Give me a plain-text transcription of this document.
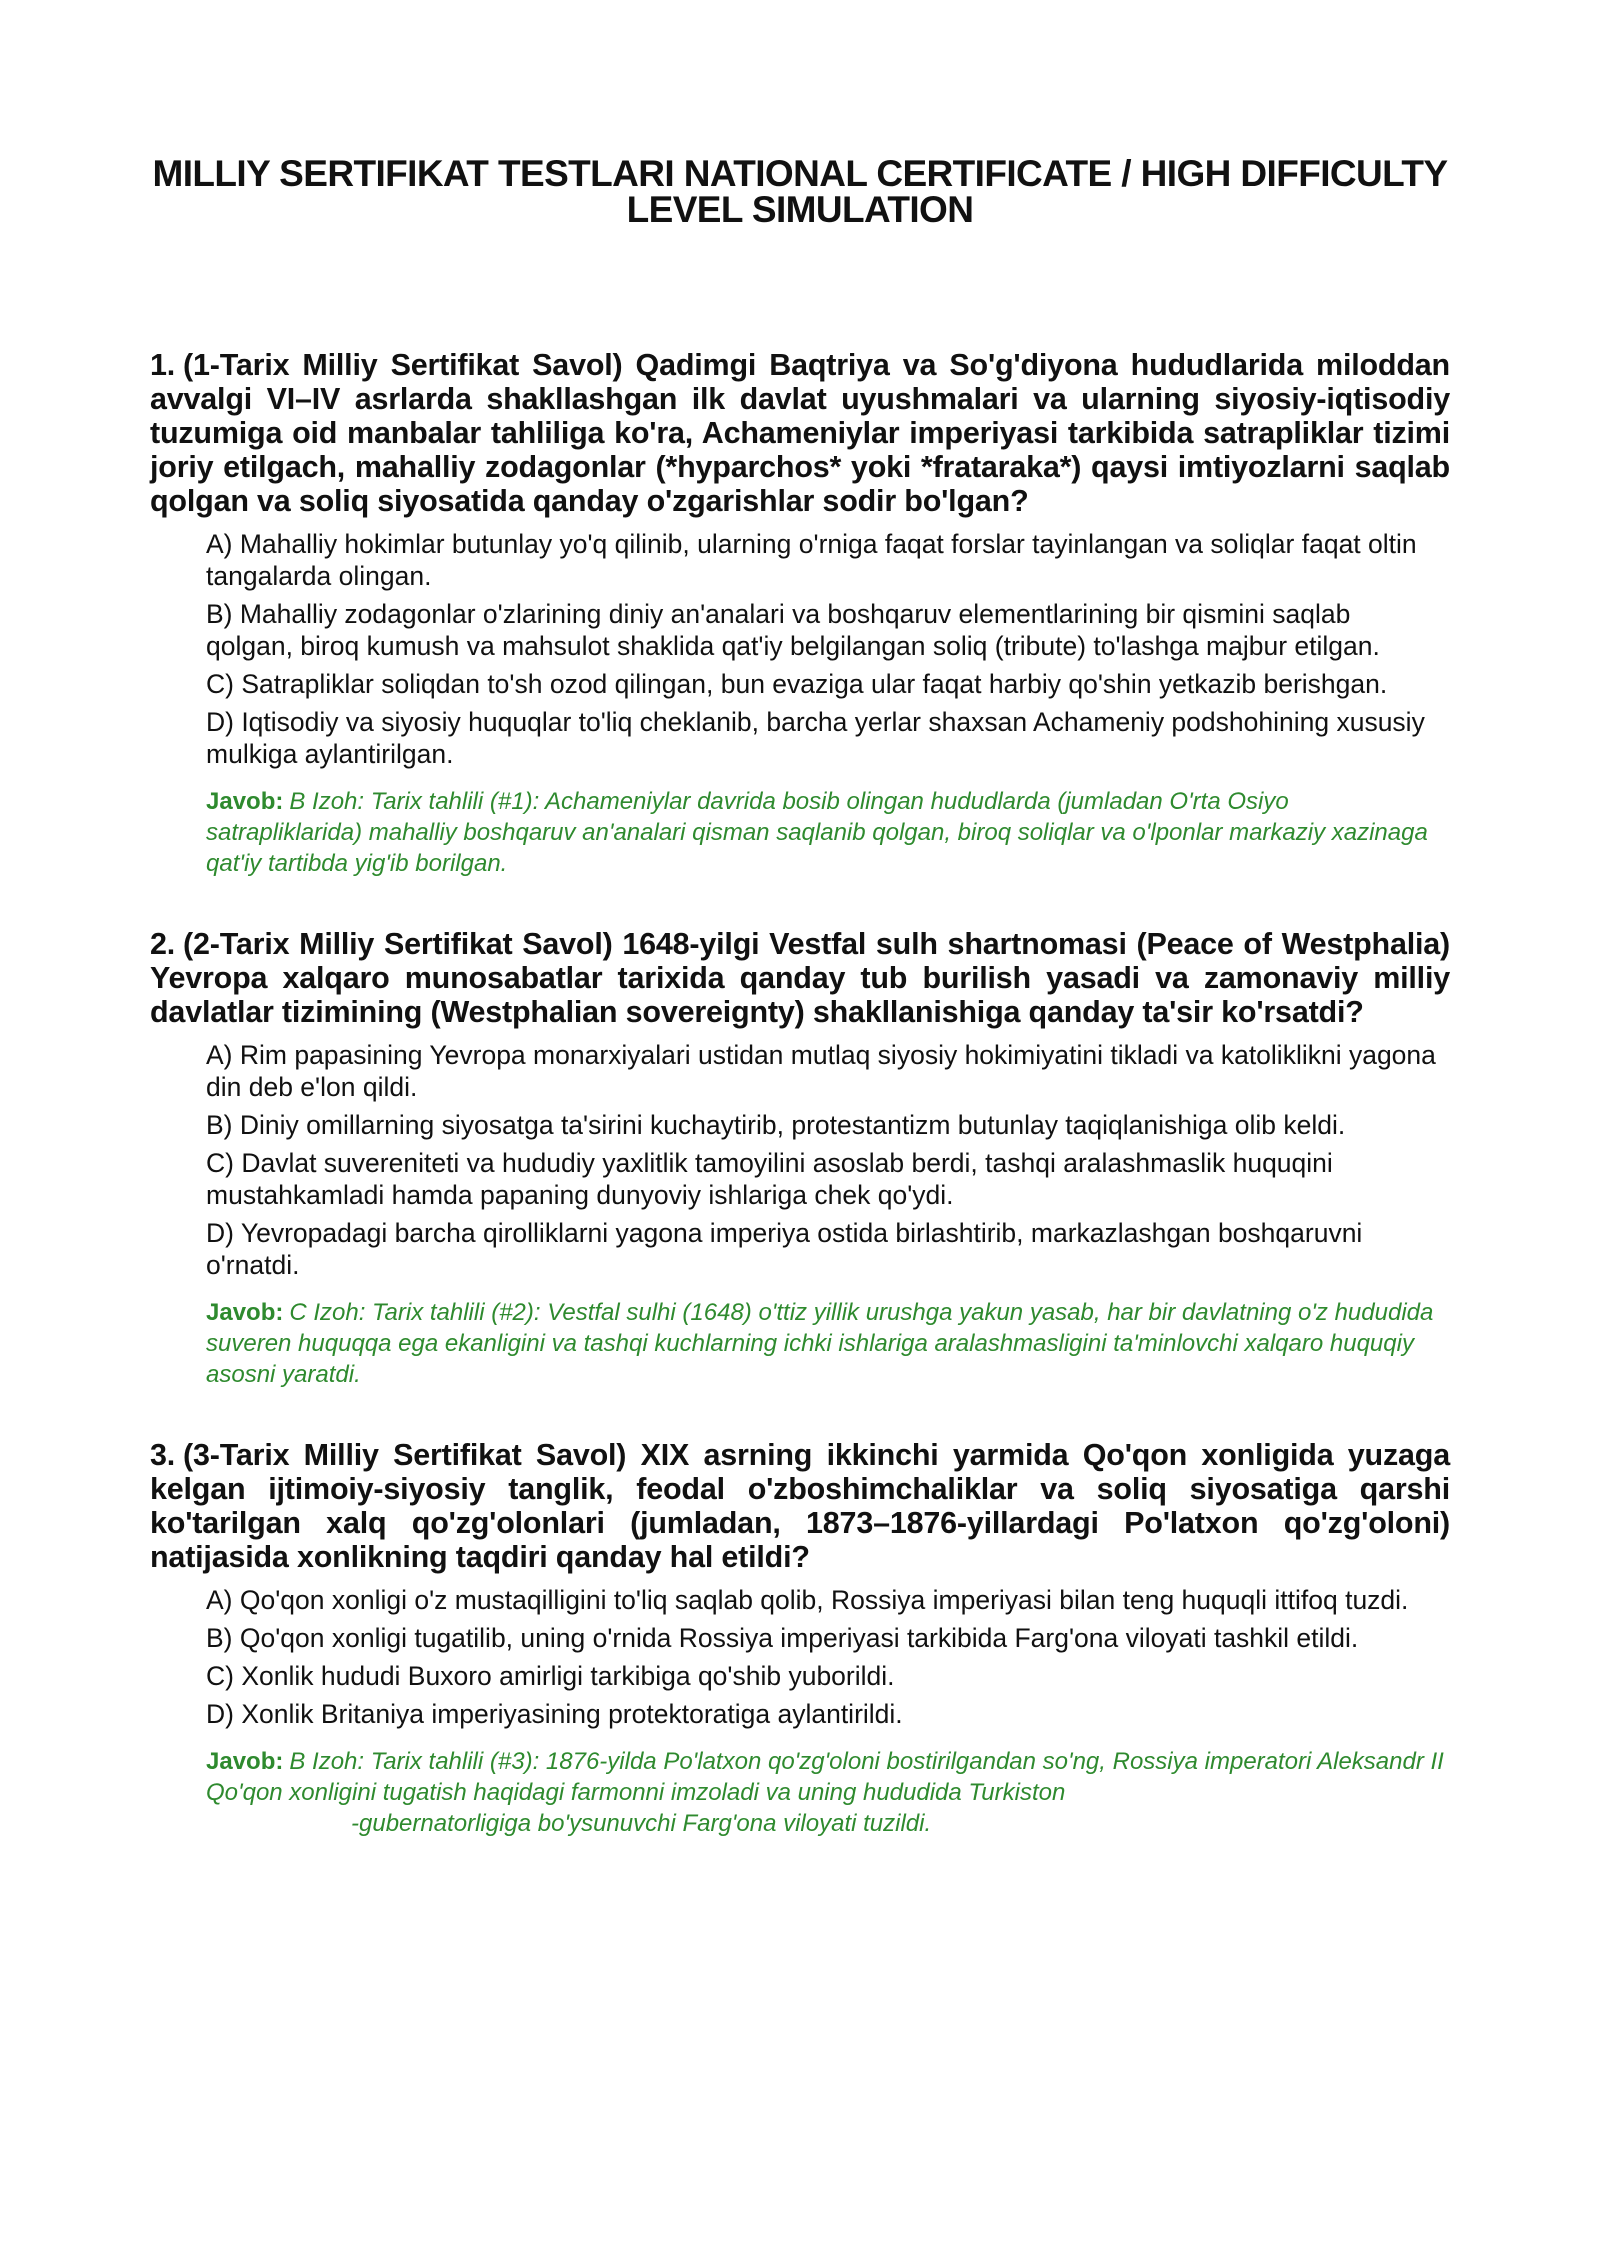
MILLIY SERTIFIKAT TESTLARI NATIONAL CERTIFICATE / HIGH DIFFICULTY LEVEL SIMULATION

1. (1-Tarix Milliy Sertifikat Savol) Qadimgi Baqtriya va So'g'diyona hududlarida miloddan avvalgi VI–IV asrlarda shakllashgan ilk davlat uyushmalari va ularning siyosiy-iqtisodiy tuzumiga oid manbalar tahliliga ko'ra, Achameniylar imperiyasi tarkibida satrapliklar tizimi joriy etilgach, mahalliy zodagonlar (*hyparchos* yoki *frataraka*) qaysi imtiyozlarni saqlab qolgan va soliq siyosatida qanday o'zgarishlar sodir bo'lgan?

A) Mahalliy hokimlar butunlay yo'q qilinib, ularning o'rniga faqat forslar tayinlangan va soliqlar faqat oltin tangalarda olingan.

B) Mahalliy zodagonlar o'zlarining diniy an'analari va boshqaruv elementlarining bir qismini saqlab qolgan, biroq kumush va mahsulot shaklida qat'iy belgilangan soliq (tribute) to'lashga majbur etilgan.

C) Satrapliklar soliqdan to'sh ozod qilingan, bun evaziga ular faqat harbiy qo'shin yetkazib berishgan.

D) Iqtisodiy va siyosiy huquqlar to'liq cheklanib, barcha yerlar shaxsan Achameniy podshohining xususiy mulkiga aylantirilgan.

Javob: B Izoh: Tarix tahlili (#1): Achameniylar davrida bosib olingan hududlarda (jumladan O'rta Osiyo satrapliklarida) mahalliy boshqaruv an'analari qisman saqlanib qolgan, biroq soliqlar va o'lponlar markaziy xazinaga qat'iy tartibda yig'ib borilgan.

2. (2-Tarix Milliy Sertifikat Savol) 1648-yilgi Vestfal sulh shartnomasi (Peace of Westphalia) Yevropa xalqaro munosabatlar tarixida qanday tub burilish yasadi va zamonaviy milliy davlatlar tizimining (Westphalian sovereignty) shakllanishiga qanday ta'sir ko'rsatdi?

A) Rim papasining Yevropa monarxiyalari ustidan mutlaq siyosiy hokimiyatini tikladi va katoliklikni yagona din deb e'lon qildi.

B) Diniy omillarning siyosatga ta'sirini kuchaytirib, protestantizm butunlay taqiqlanishiga olib keldi.

C) Davlat suvereniteti va hududiy yaxlitlik tamoyilini asoslab berdi, tashqi aralashmaslik huquqini mustahkamladi hamda papaning dunyoviy ishlariga chek qo'ydi.

D) Yevropadagi barcha qirolliklarni yagona imperiya ostida birlashtirib, markazlashgan boshqaruvni o'rnatdi.

Javob: C Izoh: Tarix tahlili (#2): Vestfal sulhi (1648) o'ttiz yillik urushga yakun yasab, har bir davlatning o'z hududida suveren huquqqa ega ekanligini va tashqi kuchlarning ichki ishlariga aralashmasligini ta'minlovchi xalqaro huquqiy asosni yaratdi.

3. (3-Tarix Milliy Sertifikat Savol) XIX asrning ikkinchi yarmida Qo'qon xonligida yuzaga kelgan ijtimoiy-siyosiy tanglik, feodal o'zboshimchaliklar va soliq siyosatiga qarshi ko'tarilgan xalq qo'zg'olonlari (jumladan, 1873–1876-yillardagi Po'latxon qo'zg'oloni) natijasida xonlikning taqdiri qanday hal etildi?

A) Qo'qon xonligi o'z mustaqilligini to'liq saqlab qolib, Rossiya imperiyasi bilan teng huquqli ittifoq tuzdi.

B) Qo'qon xonligi tugatilib, uning o'rnida Rossiya imperiyasi tarkibida Farg'ona viloyati tashkil etildi.

C) Xonlik hududi Buxoro amirligi tarkibiga qo'shib yuborildi.

D) Xonlik Britaniya imperiyasining protektoratiga aylantirildi.

Javob: B Izoh: Tarix tahlili (#3): 1876-yilda Po'latxon qo'zg'oloni bostirilgandan so'ng, Rossiya imperatori Aleksandr II Qo'qon xonligini tugatish haqidagi farmonni imzoladi va uning hududida Turkiston
-gubernatorligiga bo'ysunuvchi Farg'ona viloyati tuzildi.
